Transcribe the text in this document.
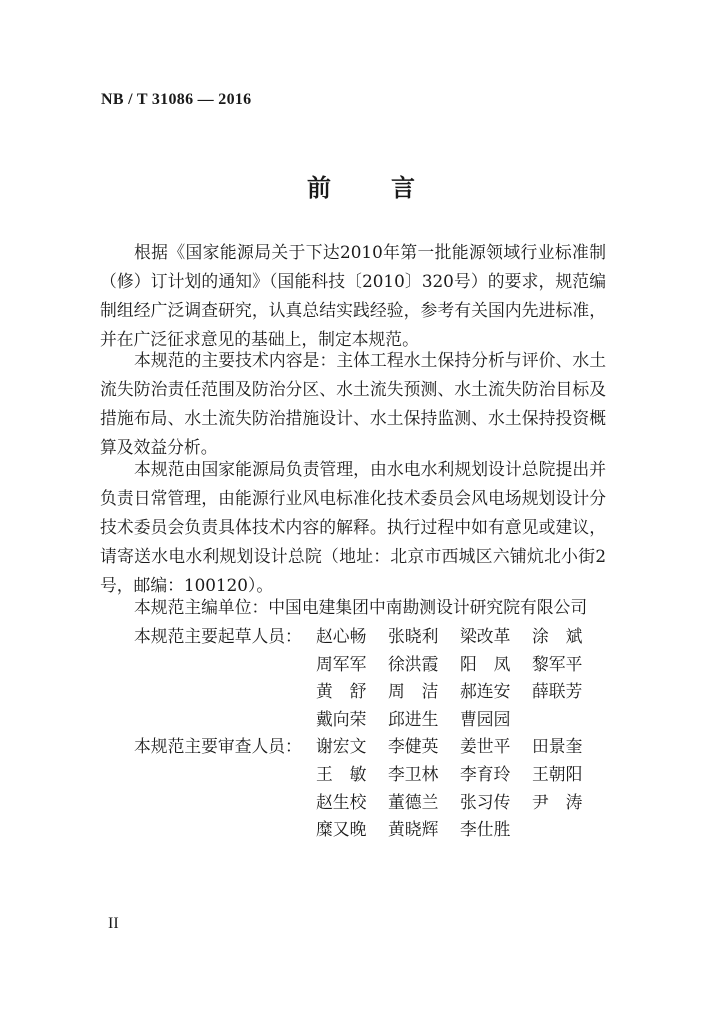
NB / T 31086 — 2016
前 言

根据《国家能源局关于下达2010年第一批能源领域行业标准制（修）订计划的通知》（国能科技〔2010〕320号）的要求，规范编制组经广泛调查研究，认真总结实践经验，参考有关国内先进标准，并在广泛征求意见的基础上，制定本规范。

本规范的主要技术内容是：主体工程水土保持分析与评价、水土流失防治责任范围及防治分区、水土流失预测、水土流失防治目标及措施布局、水土流失防治措施设计、水土保持监测、水土保持投资概算及效益分析。

本规范由国家能源局负责管理，由水电水利规划设计总院提出并负责日常管理，由能源行业风电标准化技术委员会风电场规划设计分技术委员会负责具体技术内容的解释。执行过程中如有意见或建议，请寄送水电水利规划设计总院（地址：北京市西城区六铺炕北小街2号，邮编：100120）。

本规范主编单位：中国电建集团中南勘测设计研究院有限公司
本规范主要起草人员： 赵心畅 张晓利 梁改革 涂　斌
周军军 徐洪霞 阳　凤 黎军平
黄　舒 周　洁 郝连安 薛联芳
戴向荣 邱进生 曹园园
本规范主要审查人员： 谢宏文 李健英 姜世平 田景奎
王　敏 李卫林 李育玲 王朝阳
赵生校 董德兰 张习传 尹　涛
糜又晚 黄晓辉 李仕胜
II
